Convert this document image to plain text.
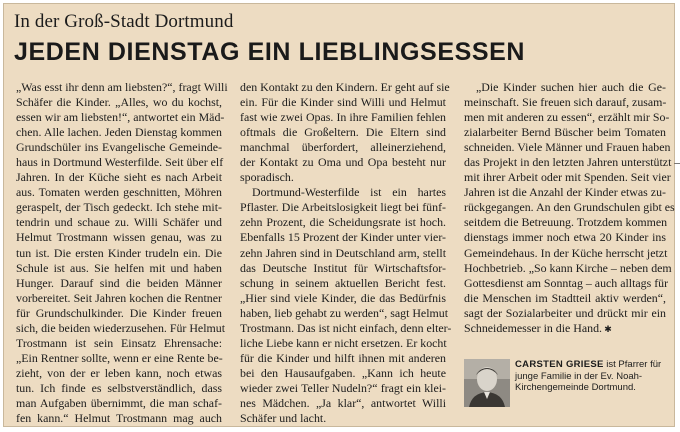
In der Groß-Stadt Dortmund
JEDEN DIENSTAG EIN LIEBLINGSESSEN
„Was esst ihr denn am liebsten?“, fragt Willi
Schäfer die Kinder. „Alles, wo du kochst,
essen wir am liebsten!“, antwortet ein Mäd-
chen. Alle lachen. Jeden Dienstag kommen
Grundschüler ins Evangelische Gemeinde-
haus in Dortmund Westerfilde. Seit über elf
Jahren. In der Küche sieht es nach Arbeit
aus. Tomaten werden geschnitten, Möhren
geraspelt, der Tisch gedeckt. Ich stehe mit-
tendrin und schaue zu. Willi Schäfer und
Helmut Trostmann wissen genau, was zu
tun ist. Die ersten Kinder trudeln ein. Die
Schule ist aus. Sie helfen mit und haben
Hunger. Darauf sind die beiden Männer
vorbereitet. Seit Jahren kochen die Rentner
für Grundschulkinder. Die Kinder freuen
sich, die beiden wiederzusehen. Für Helmut
Trostmann ist sein Einsatz Ehrensache:
„Ein Rentner sollte, wenn er eine Rente be-
zieht, von der er leben kann, noch etwas
tun. Ich finde es selbstverständlich, dass
man Aufgaben übernimmt, die man schaf-
fen kann.“ Helmut Trostmann mag auch
den Kontakt zu den Kindern. Er geht auf sie
ein. Für die Kinder sind Willi und Helmut
fast wie zwei Opas. In ihre Familien fehlen
oftmals die Großeltern. Die Eltern sind
manchmal überfordert, alleinerziehend,
der Kontakt zu Oma und Opa besteht nur
sporadisch.
Dortmund-Westerfilde ist ein hartes
Pflaster. Die Arbeitslosigkeit liegt bei fünf-
zehn Prozent, die Scheidungsrate ist hoch.
Ebenfalls 15 Prozent der Kinder unter vier-
zehn Jahren sind in Deutschland arm, stellt
das Deutsche Institut für Wirtschaftsfor-
schung in seinem aktuellen Bericht fest.
„Hier sind viele Kinder, die das Bedürfnis
haben, lieb gehabt zu werden“, sagt Helmut
Trostmann. Das ist nicht einfach, denn elter-
liche Liebe kann er nicht ersetzen. Er kocht
für die Kinder und hilft ihnen mit anderen
bei den Hausaufgaben. „Kann ich heute
wieder zwei Teller Nudeln?“ fragt ein klei-
nes Mädchen. „Ja klar“, antwortet Willi
Schäfer und lacht.
„Die Kinder suchen hier auch die Ge-
meinschaft. Sie freuen sich darauf, zusam-
men mit anderen zu essen“, erzählt mir So-
zialarbeiter Bernd Büscher beim Tomaten
schneiden. Viele Männer und Frauen haben
das Projekt in den letzten Jahren unterstützt –
mit ihrer Arbeit oder mit Spenden. Seit vier
Jahren ist die Anzahl der Kinder etwas zu-
rückgegangen. An den Grundschulen gibt es
seitdem die Betreuung. Trotzdem kommen
dienstags immer noch etwa 20 Kinder ins
Gemeindehaus. In der Küche herrscht jetzt
Hochbetrieb. „So kann Kirche – neben dem
Gottesdienst am Sonntag – auch alltags für
die Menschen im Stadtteil aktiv werden“,
sagt der Sozialarbeiter und drückt mir ein
Schneidemesser in die Hand. ✱
CARSTEN GRIESE ist Pfarrer für junge Familie in der Ev. Noah-Kirchengemeinde Dortmund.
